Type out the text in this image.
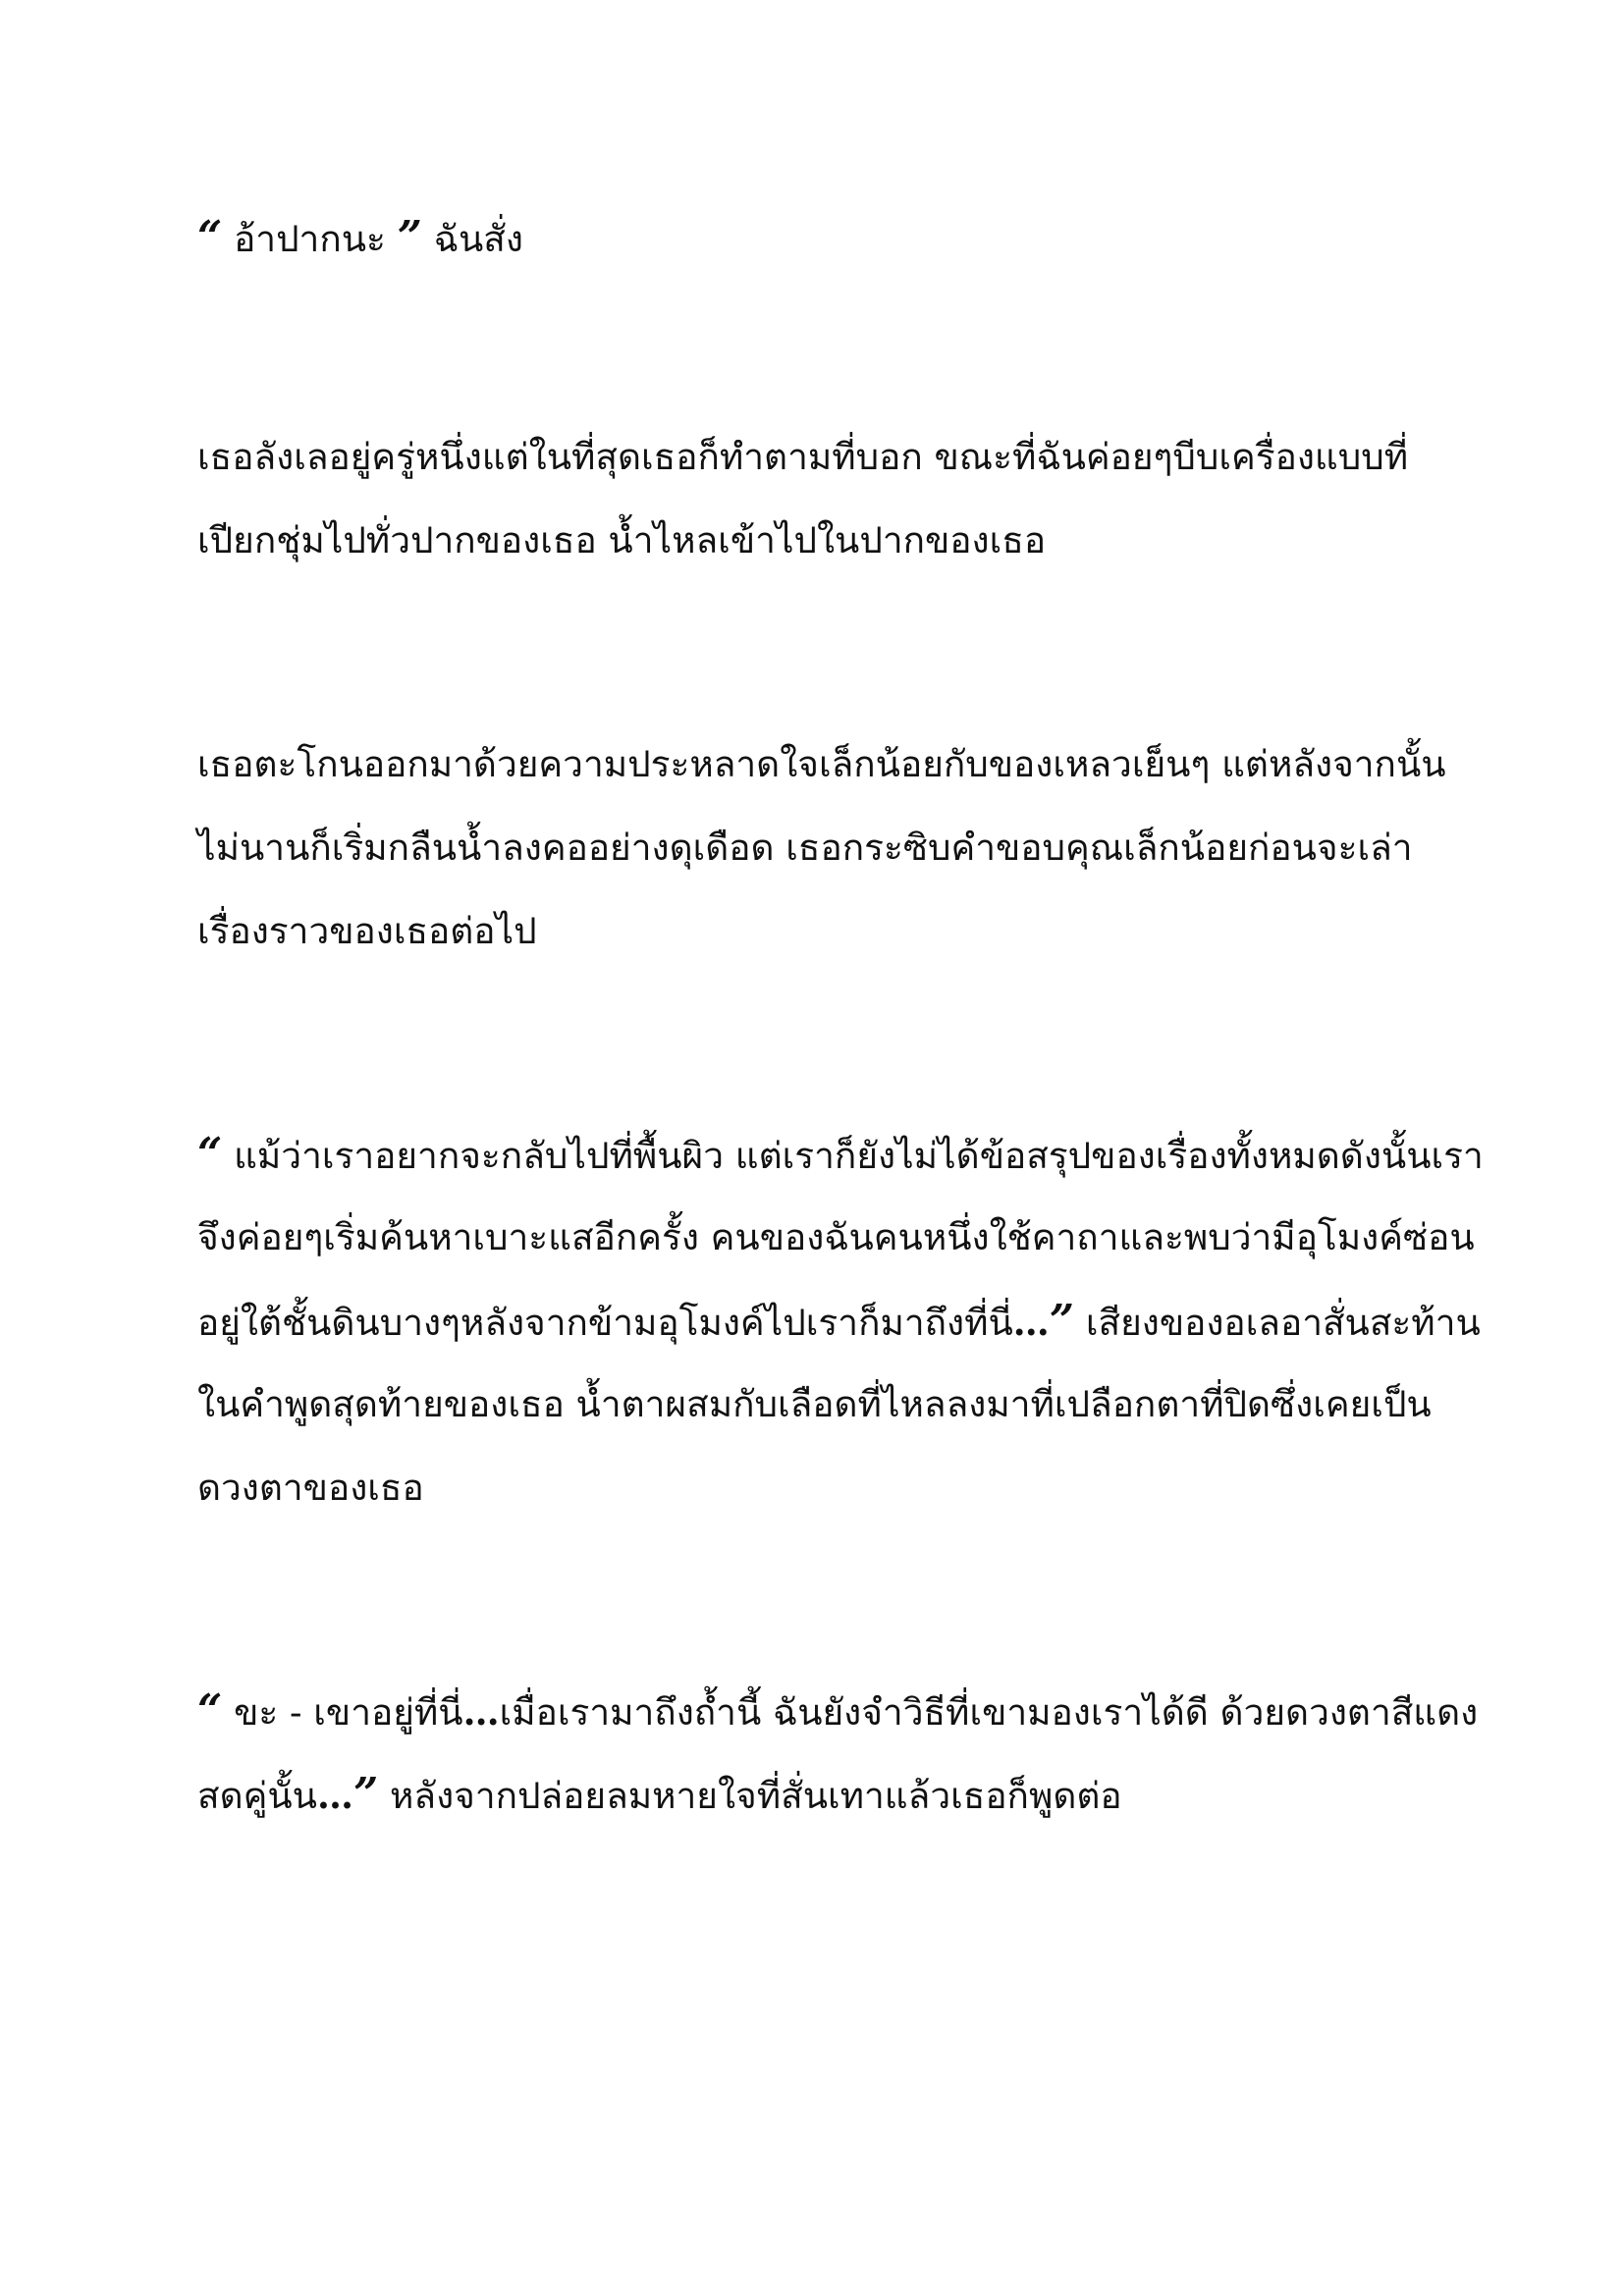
“ อ้าปากนะ ” ฉันสั่ง

เธอลังเลอยู่ครู่หนึ่งแต่ในที่สุดเธอก็ทำตามที่บอก ขณะที่ฉันค่อยๆบีบเครื่องแบบที่
เปียกชุ่มไปทั่วปากของเธอ น้ำไหลเข้าไปในปากของเธอ

เธอตะโกนออกมาด้วยความประหลาดใจเล็กน้อยกับของเหลวเย็นๆ แต่หลังจากนั้น
ไม่นานก็เริ่มกลืนน้ำลงคออย่างดุเดือด เธอกระซิบคำขอบคุณเล็กน้อยก่อนจะเล่า
เรื่องราวของเธอต่อไป

“ แม้ว่าเราอยากจะกลับไปที่พื้นผิว แต่เราก็ยังไม่ได้ข้อสรุปของเรื่องทั้งหมดดังนั้นเรา
จึงค่อยๆเริ่มค้นหาเบาะแสอีกครั้ง คนของฉันคนหนึ่งใช้คาถาและพบว่ามีอุโมงค์ซ่อน
อยู่ใต้ชั้นดินบางๆหลังจากข้ามอุโมงค์ไปเราก็มาถึงที่นี่…” เสียงของอเลอาสั่นสะท้าน
ในคำพูดสุดท้ายของเธอ น้ำตาผสมกับเลือดที่ไหลลงมาที่เปลือกตาที่ปิดซึ่งเคยเป็น
ดวงตาของเธอ

“ ขะ - เขาอยู่ที่นี่…เมื่อเรามาถึงถ้ำนี้ ฉันยังจำวิธีที่เขามองเราได้ดี ด้วยดวงตาสีแดง
สดคู่นั้น…” หลังจากปล่อยลมหายใจที่สั่นเทาแล้วเธอก็พูดต่อ
